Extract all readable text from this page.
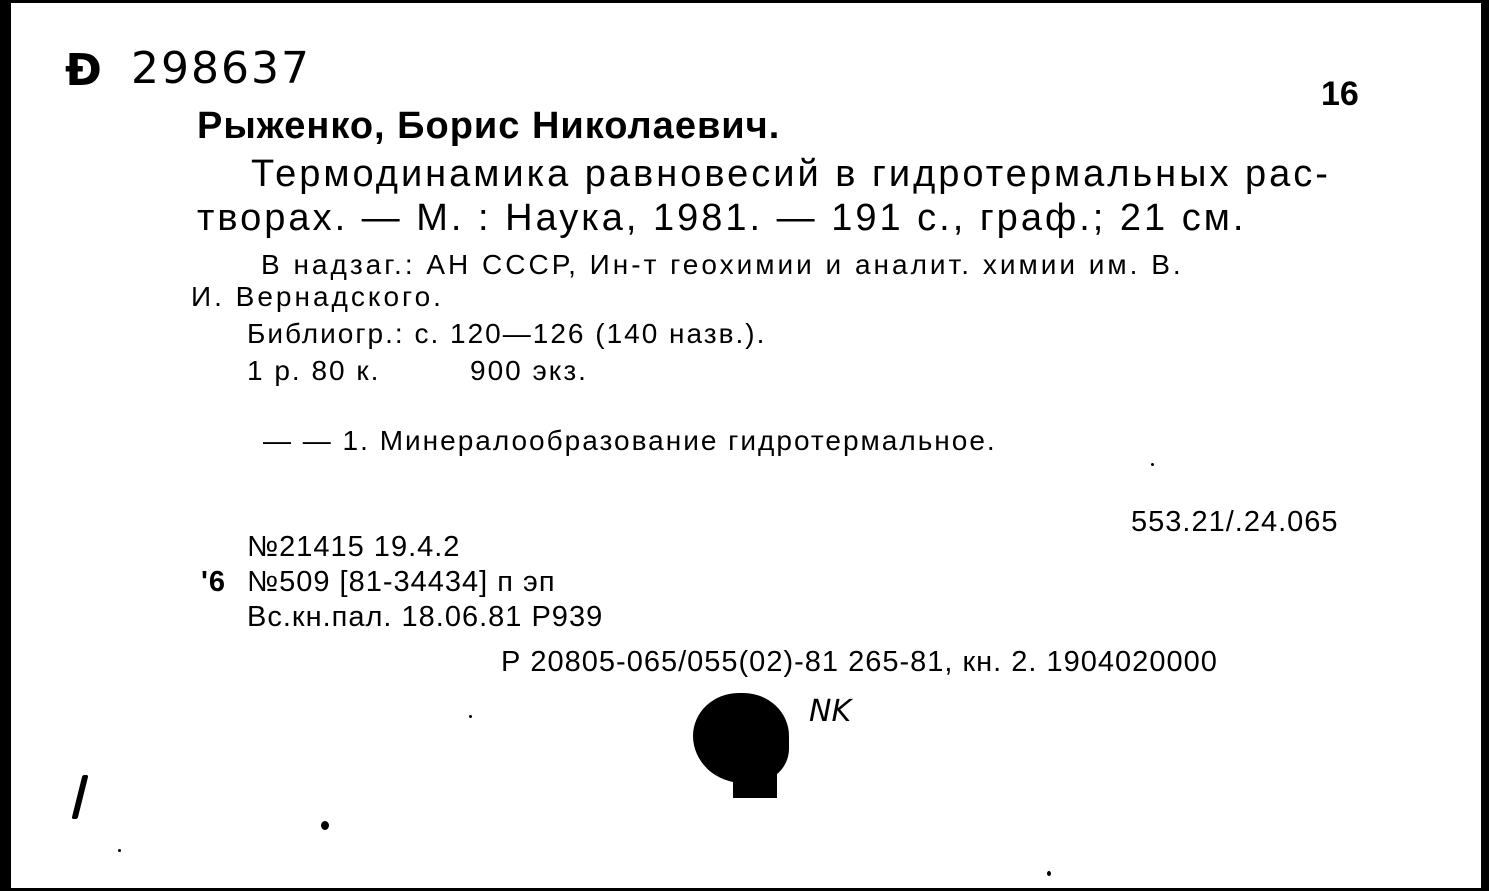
Ð 298637	16
Рыженко, Борис Николаевич.
Термодинамика равновесий в гидротермальных рас-
творах. — М. : Наука, 1981. — 191 с., граф.; 21 см.
В надзаг.: АН СССР, Ин-т геохимии и аналит. химии им. В.
И. Вернадского.
Библиогр.: с. 120—126 (140 назв.).
1 р. 80 к.	900 экз.
— — 1. Минералообразование гидротермальное.
553.21/.24.065
№21415 19.4.2
'6 №509 [81-34434] п эп
Вс.кн.пал. 18.06.81 Р939
Р 20805-065/055(02)-81 265-81, кн. 2. 1904020000
NK
